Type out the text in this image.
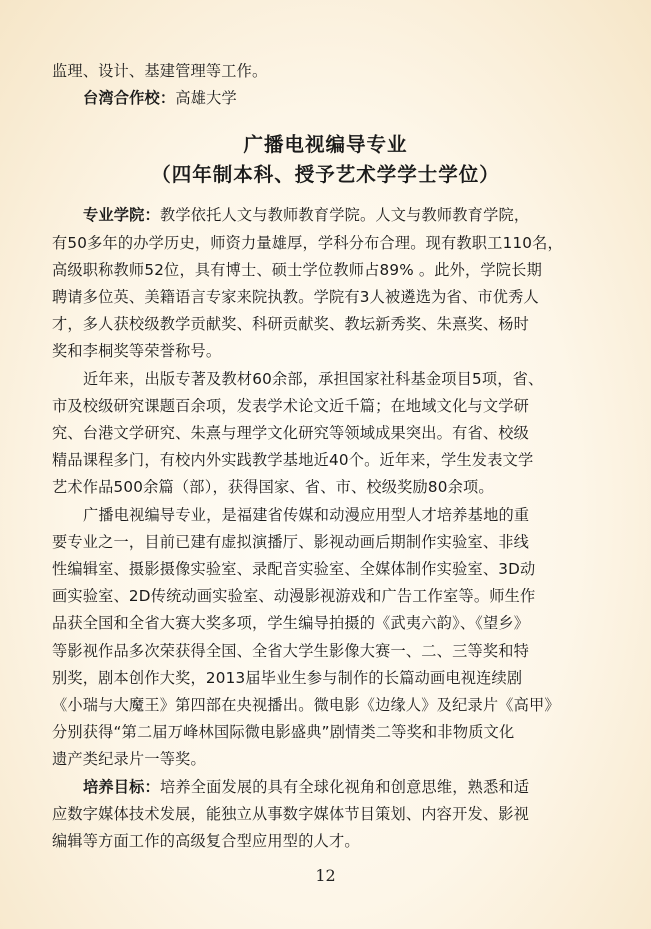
监理、设计、基建管理等工作。
台湾合作校：高雄大学
广播电视编导专业
（四年制本科、授予艺术学学士学位）
专业学院：教学依托人文与教师教育学院。人文与教师教育学院，
有50多年的办学历史，师资力量雄厚，学科分布合理。现有教职工110名，
高级职称教师52位，具有博士、硕士学位教师占89% 。此外，学院长期
聘请多位英、美籍语言专家来院执教。学院有3人被遴选为省、市优秀人
才，多人获校级教学贡献奖、科研贡献奖、教坛新秀奖、朱熹奖、杨时
奖和李桐奖等荣誉称号。
近年来，出版专著及教材60余部，承担国家社科基金项目5项，省、
市及校级研究课题百余项，发表学术论文近千篇；在地域文化与文学研
究、台港文学研究、朱熹与理学文化研究等领域成果突出。有省、校级
精品课程多门，有校内外实践教学基地近40个。近年来，学生发表文学
艺术作品500余篇（部），获得国家、省、市、校级奖励80余项。
广播电视编导专业，是福建省传媒和动漫应用型人才培养基地的重
要专业之一，目前已建有虚拟演播厅、影视动画后期制作实验室、非线
性编辑室、摄影摄像实验室、录配音实验室、全媒体制作实验室、3D动
画实验室、2D传统动画实验室、动漫影视游戏和广告工作室等。师生作
品获全国和全省大赛大奖多项，学生编导拍摄的《武夷六韵》、《望乡》
等影视作品多次荣获得全国、全省大学生影像大赛一、二、三等奖和特
别奖，剧本创作大奖，2013届毕业生参与制作的长篇动画电视连续剧
《小瑞与大魔王》第四部在央视播出。微电影《边缘人》及纪录片《高甲》
分别获得“第二届万峰林国际微电影盛典”剧情类二等奖和非物质文化
遗产类纪录片一等奖。
培养目标：培养全面发展的具有全球化视角和创意思维，熟悉和适
应数字媒体技术发展，能独立从事数字媒体节目策划、内容开发、影视
编辑等方面工作的高级复合型应用型的人才。
12
